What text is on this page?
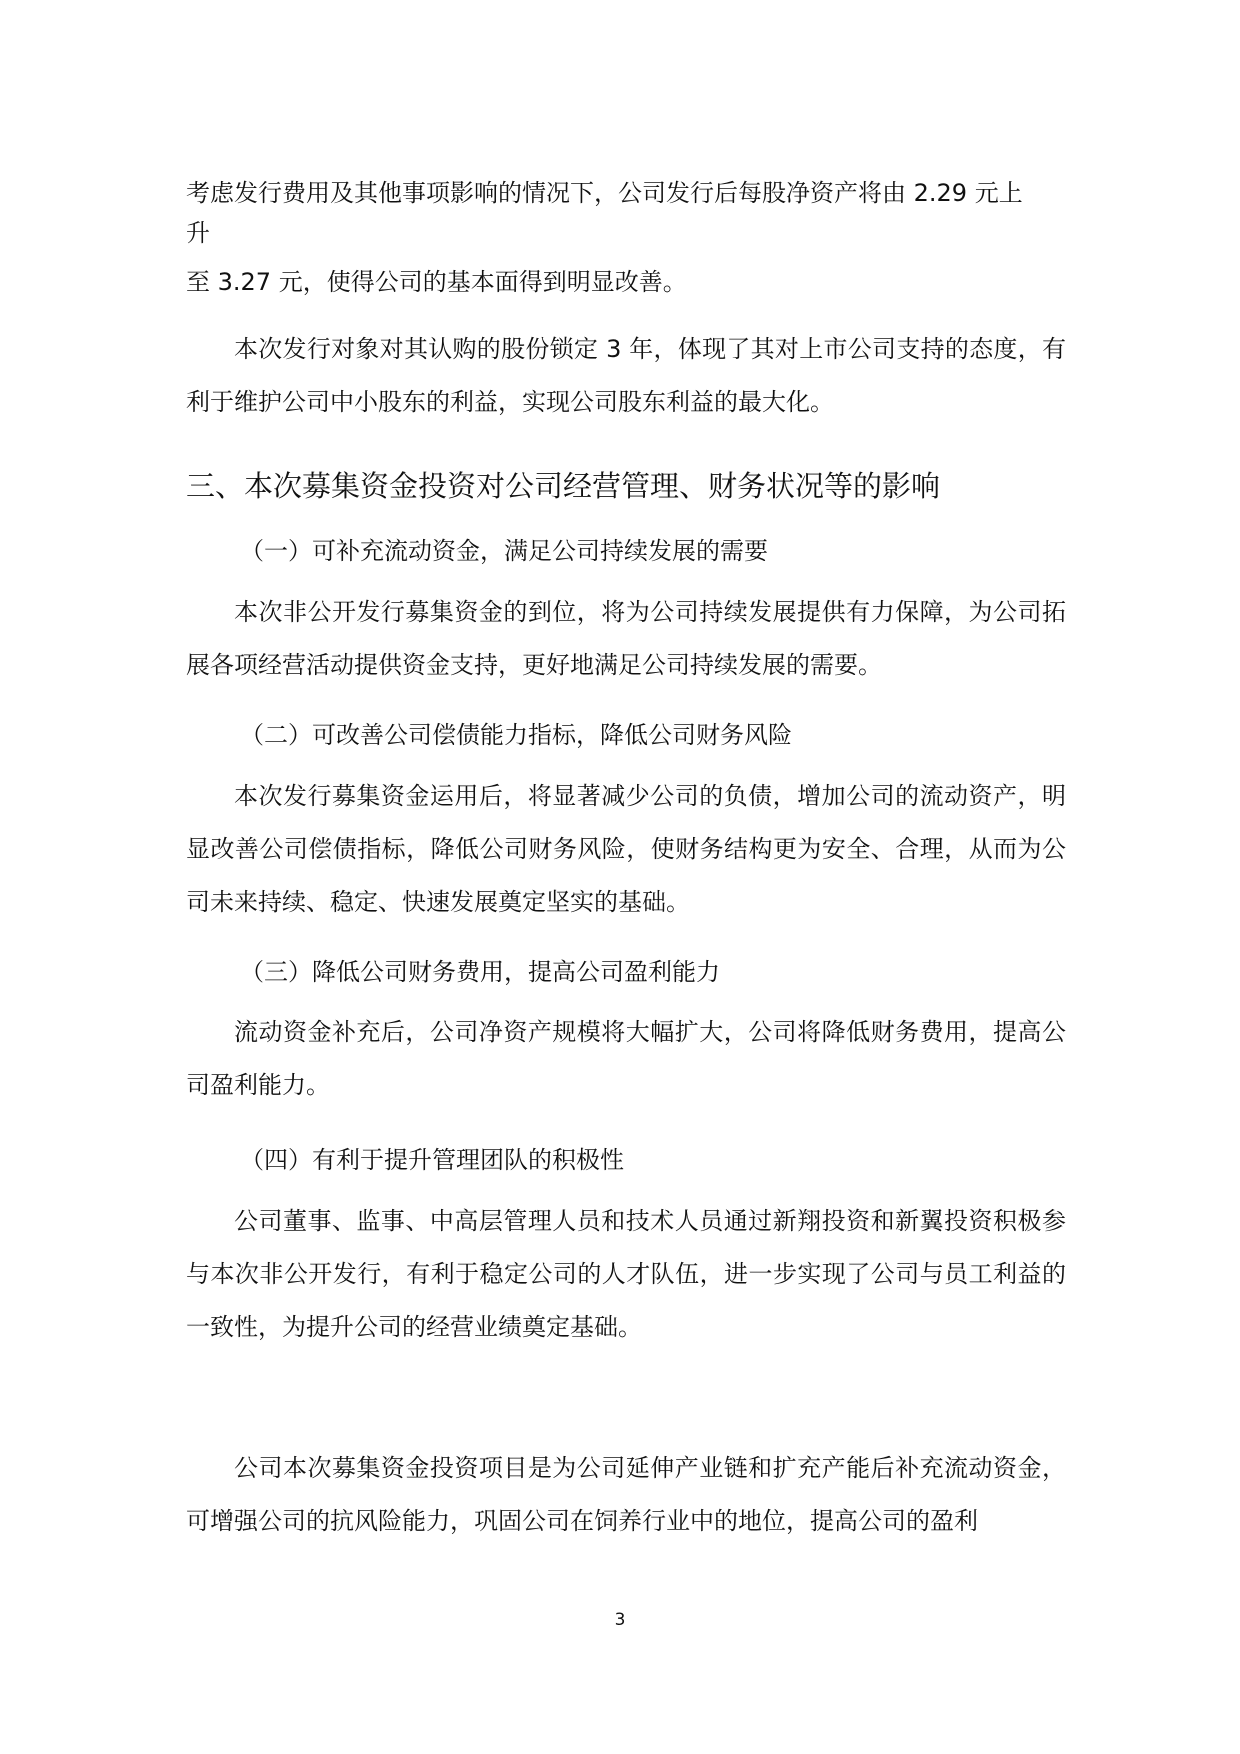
考虑发行费用及其他事项影响的情况下，公司发行后每股净资产将由 2.29 元上

升

至 3.27 元，使得公司的基本面得到明显改善。

本次发行对象对其认购的股份锁定 3 年，体现了其对上市公司支持的态度，有利于维护公司中小股东的利益，实现公司股东利益的最大化。

三、本次募集资金投资对公司经营管理、财务状况等的影响

（一）可补充流动资金，满足公司持续发展的需要

本次非公开发行募集资金的到位，将为公司持续发展提供有力保障，为公司拓展各项经营活动提供资金支持，更好地满足公司持续发展的需要。

（二）可改善公司偿债能力指标，降低公司财务风险

本次发行募集资金运用后，将显著减少公司的负债，增加公司的流动资产，明显改善公司偿债指标，降低公司财务风险，使财务结构更为安全、合理，从而为公司未来持续、稳定、快速发展奠定坚实的基础。

（三）降低公司财务费用，提高公司盈利能力

流动资金补充后，公司净资产规模将大幅扩大，公司将降低财务费用，提高公司盈利能力。

（四）有利于提升管理团队的积极性

公司董事、监事、中高层管理人员和技术人员通过新翔投资和新翼投资积极参与本次非公开发行，有利于稳定公司的人才队伍，进一步实现了公司与员工利益的一致性，为提升公司的经营业绩奠定基础。

公司本次募集资金投资项目是为公司延伸产业链和扩充产能后补充流动资金，可增强公司的抗风险能力，巩固公司在饲养行业中的地位，提高公司的盈利

3
